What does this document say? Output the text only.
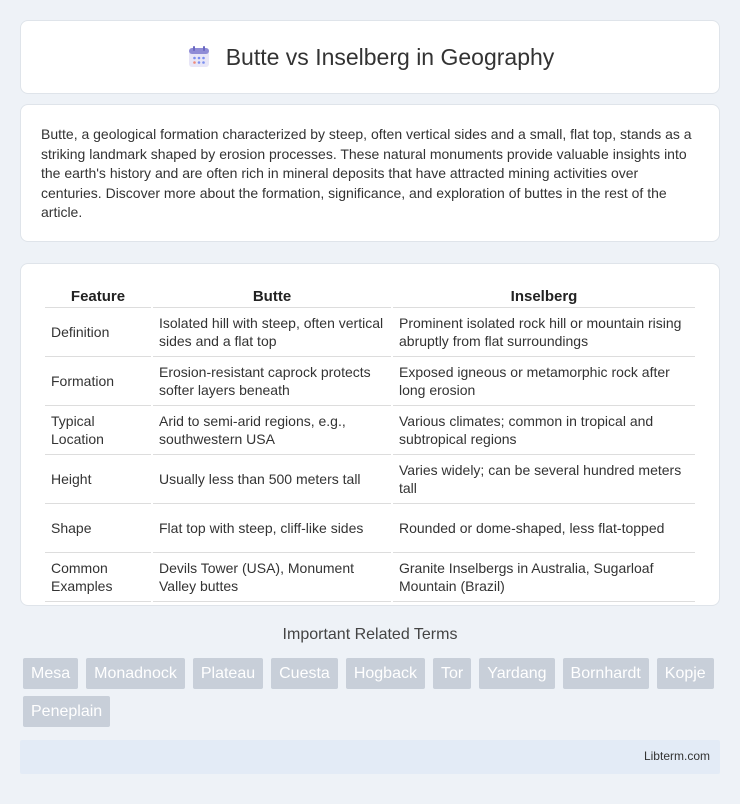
Butte vs Inselberg in Geography

Butte, a geological formation characterized by steep, often vertical sides and a small, flat top, stands as a striking landmark shaped by erosion processes. These natural monuments provide valuable insights into the earth's history and are often rich in mineral deposits that have attracted mining activities over centuries. Discover more about the formation, significance, and exploration of buttes in the rest of the article.

Feature	Butte	Inselberg
Definition	Isolated hill with steep, often vertical sides and a flat top	Prominent isolated rock hill or mountain rising abruptly from flat surroundings
Formation	Erosion-resistant caprock protects softer layers beneath	Exposed igneous or metamorphic rock after long erosion
Typical Location	Arid to semi-arid regions, e.g., southwestern USA	Various climates; common in tropical and subtropical regions
Height	Usually less than 500 meters tall	Varies widely; can be several hundred meters tall
Shape	Flat top with steep, cliff-like sides	Rounded or dome-shaped, less flat-topped
Common Examples	Devils Tower (USA), Monument Valley buttes	Granite Inselbergs in Australia, Sugarloaf Mountain (Brazil)
Important Related Terms
Mesa	Monadnock	Plateau	Cuesta	Hogback	Tor	Yardang	Bornhardt	Kopje
Peneplain
Libterm.com
